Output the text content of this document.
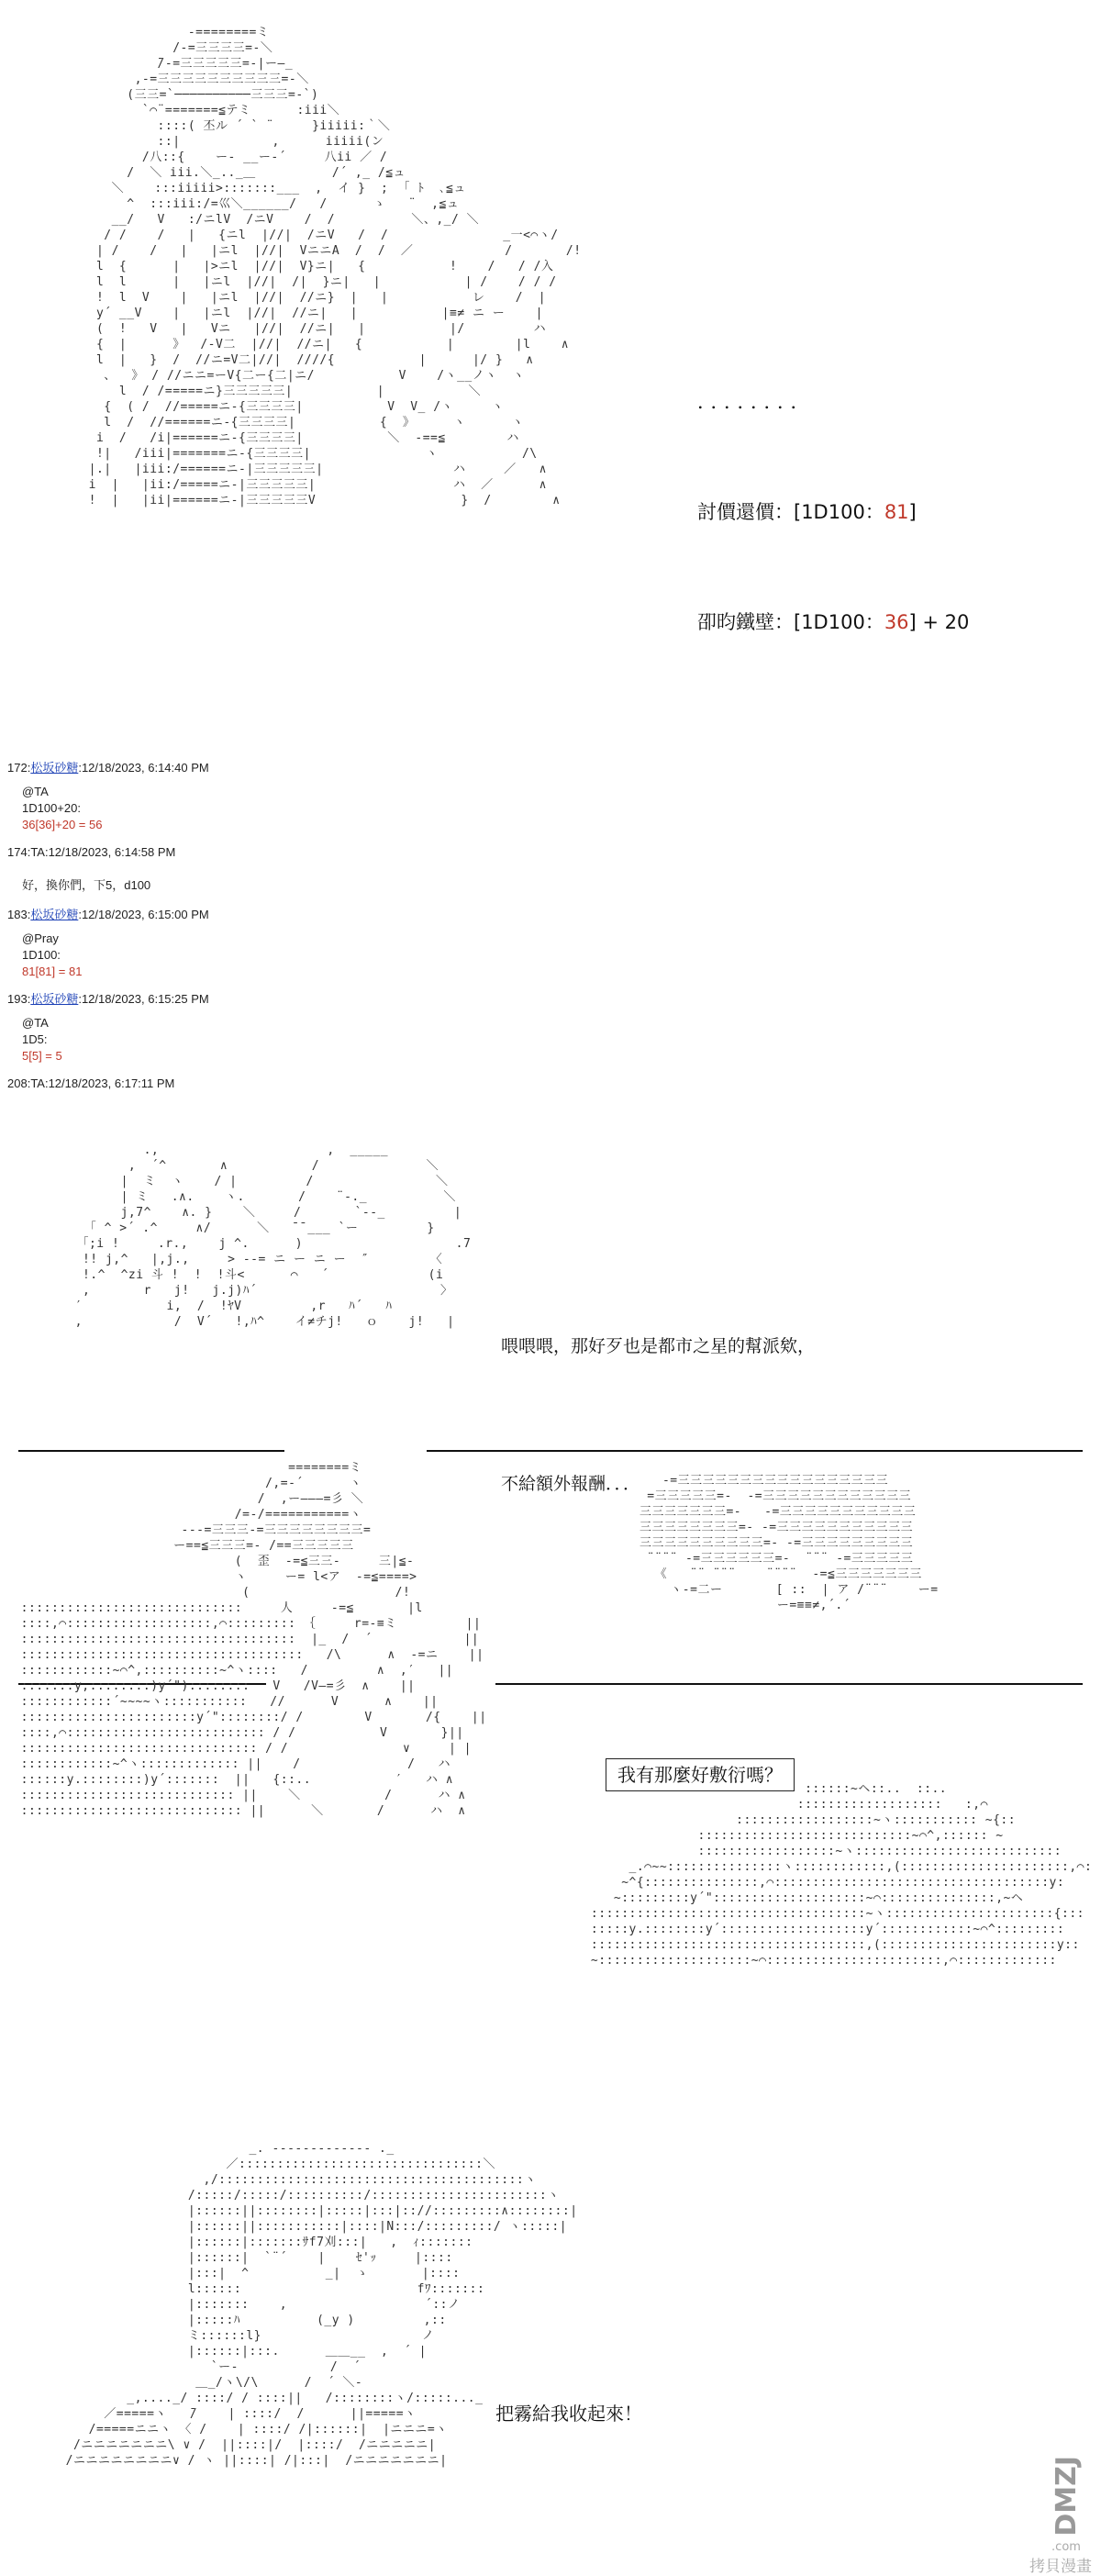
-========ミ
/-=三三三三=-＼
̄/-=三三三三三=-|ー―_
,-=三三三三三三三三三三=-＼
(三三=`──────────三三三=-`)
`⌒¨=======≦テミ      :iii＼
::::( 丕ル ´ ` ¨     }iiiii:｀＼
::|            ,      iiiii(ン
/八::{    ー- __ー-´     八ii ／ /
/  ＼ iii.＼_.._＿          /´ ,_ /≦ュ
＼    :::iiiii>:::::::___  ,  イ }  ;  ｢ ﾄ  ､≦ュ
^  :::iii:/=巛＼______/   /      ゝ   ¨  ,≦ュ
__/   V   :/ニlV  /ニV    /  /          ＼、,_/ ＼
/ /    /   |   {ニl  |//|  /ニV   /  /               _一<⌒ヽ/
| /    /   |   |ニl  |//|  VニニA  /  /  ／            /       /!
l  {      |   |>ニl  |//|  V}ニ|   {           !    /   / /入
l  l      |   |ニl  |//|  /|  }ニ|   |           | /    / / /
!  l  V    |   |ニl  |//|  //ニ}  |   |           レ    /  |
y´ __V    |   |ニl  |//|  //ニ|   |           |≡≠ ニ ー    |
(  !   V   |   Vニ   |//|  //ニ|   |           |/         ハ
{  |      》  /-V二  |//|  //ニ|   {           |        |l    ∧
l  |   }  /  //ニ=V二|//|  ////{           |      |/ }   ∧
、  》 / //ニニ=ーV{二ー{二|ニ/           V    /ヽ__ノヽ  ヽ
l  / /=====ニ}三三三三三|           |           ＼
{  ( /  //=====ニ-{三三三三|           V  V_ /ヽ     ヽ
l  /  //======ニ-{三三三三|           {  》     ヽ      ヽ
i  /   /i|======ニ-{三三三三|           ＼  -==≦        ハ
!|   /iii|=======ニ-{三三三三|               ヽ           /\
|.|   |iii:/======ニ-|三三三三三|                 ハ     ／   ∧
i  |   |ii:/=====ニ-|三三三三三|                  ハ  ／      ∧
!  |   |ii|======ニ-|三三三三三V                   }  /        ∧

．．．．．．．．

討價還價：[1D100：81]

卲昀鐵壁：[1D100：36] + 20

172:松坂砂糖:12/18/2023, 6:14:40 PM
@TA
1D100+20:
36[36]+20 = 56
174:TA:12/18/2023, 6:14:58 PM
好，換你們，下5，d100
183:松坂砂糖:12/18/2023, 6:15:00 PM
@Pray
1D100:
81[81] = 81
193:松坂砂糖:12/18/2023, 6:15:25 PM
@TA
1D5:
5[5] = 5
208:TA:12/18/2023, 6:17:11 PM

.,                      ,  _____
,  ´^       ∧           /              ＼
|  ミ  ヽ    / |         /                ＼
| ミ   .∧.    ヽ.       /    ¨-._          ＼
j,7^    ∧. }    ＼     /       `--_         |
｢ ^ >´ .^     ∧/      ＼   ̄ ̄ ___ `ー         }
｢;i !     .r.,    j ^.      )                    .7
!! j,^   |,j.,     > --= ニ ー ニ ー  ″        〈
!.^  ^zi 斗 !  !  !斗<      ⌒   ´             (i
,       r   j!   j.j)ﾊ´                        〉
′           i,  /  !ﾔV         ,r   ﾊ´   ﾊ
,            /  V´   !,ﾊ^    イ≠チj!   ｏ    j!   |

喂喂喂，那好歹也是都市之星的幫派欸，

不給額外報酬．．．

========ミ
/,=-´      ヽ
/  ,ー―――=彡 ＼
/=‐/===========ヽ
---=三三三-=三三三三三三三三=
ー==≦三三三=- /==三三三三三
(  歪  -=≦三三-     三|≦-
ヽ     ー= l<ア  -=≦====>
(                   /!
:::::::::::::::::::::::::::::     人     -=≦       |l
::::,⌒:::::::::::::::::::,⌒::::::::: ｛     r=-≡ミ         ||
::::::::::::::::::::::::::::::::::::  |_  /  ´            ||
:::::::::::::::::::::::::::::::::::::   /\      ∧  -=ニ    ||
::::::::::::~⌒^,::::::::::~^ヽ::::   /         ∧  ,′   ||
:::::::y,::::::::)y´")::::::::   V   /V―=彡  ∧    ||
::::::::::::´~~~~ヽ:::::::::::   //      V      ∧    ||
:::::::::::::::::::::::y´"::::::::/ /        V       /{    ||
::::,⌒:::::::::::::::::::::::::: / /           V       }||
::::::::::::::::::::::::::::::: / /               ∨     | |
::::::::::::~^ヽ::::::::::::: ||    /              /   ハ
::::::y.::::::::)y´:::::::  ||   {::..           ′   ハ ∧
:::::::::::::::::::::::::::: ||    ＼           /      ハ ∧
::::::::::::::::::::::::::::: ||      ＼       /      ハ  ∧

-=三三三三三三三三三三三三三三三三三
=三三三三三=-  -=三三三三三三三三三三三三
三三三三三三三=-   -=三三三三三三三三三三三
三三三三三三三三=- -=三三三三三三三三三三三
三三三三三三三三三三=- -=三三三三三三三三三
¨¨¨¨ -=三三三三三三=-  ¨¨¨ -=三三三三三
《   ¨¨ ¨¨¨    ¨¨¨¨  -=≦三三三三三三三
ヽ-=二ー       [ ::  | ア /¨¨¨    ー=
ー=≡≡≠,´.´

我有那麼好敷衍嗎？

::::::~ヘ::..  ::..
:::::::::::::::::::   :,⌒
::::::::::::::::::~ヽ::::::::::: ~{::
::::::::::::::::::::::::::::~⌒^,:::::: ~
::::::::::::::::::~ヽ:::::::::::::::::::::::::::
_.⌒~~:::::::::::::::ヽ::::::::::::,(::::::::::::::::::::::,⌒:
~^{:::::::::::::::,⌒::::::::::::::::::::::::::::::::::::y:
~:::::::::y´"::::::::::::::::::::~⌒:::::::::::::::,~ヘ
::::::::::::::::::::::::::::::::::::~ヽ::::::::::::::::::::::{:::
:::::y.::::::::y´:::::::::::::::::::y´::::::::::::~⌒^:::::::::
::::::::::::::::::::::::::::::::::::,(:::::::::::::::::::::::y::
~::::::::::::::::::::~⌒:::::::::::::::::::::::,⌒:::::::::::::

_. ‐‐‐‐‐‐‐‐‐‐‐‐- ._
／::::::::::::::::::::::::::::::::＼
,/::::::::::::::::::::::::::::::::::::::::ヽ
/:::::/:::::/::::::::::/:::::::::::::::::::::::ヽ
|::::::||::::::::|:::::|:::|:://:::::::::∧::::::::|
|::::::||:::::::::::|::::|N:::/:::::::::/ ヽ:::::|
|::::::|:::::::ｻf7刈:::|   ,  ｨ:::::::
|::::::|  `¨´    |    ｾ'ｯ     |::::
|:::|  ^          _|  ゝ       |::::
l::::::                       fﾜ:::::::
|:::::::    ,                  ´::ノ
|:::::ﾊ          (_y )         ,::
ミ::::::l}                     ノ
|::::::|:::.      ＿＿__  ,  ´ |
`ー-            /  ´
＿_/ヽ\/\      /  ´ ＼‐
_,...._/ ::::/ / ::::||   /::::::::ヽ/:::::..._
／=====ヽ   ̄/    | ::::/  /      ||=====ヽ
/=====ニニヽ 〈 /    | ::::/ /|::::::|  |ニニニ=ヽ
/ニニニニニニニ\ ∨ /  ||::::|/  |::::/  /ニニニニニ|
/ニニニニニニニニ∨ / ヽ ||::::| /|:::|  /ニニニニニニニ|

把霧給我收起來！

DMZJ
.com
拷貝漫畫
